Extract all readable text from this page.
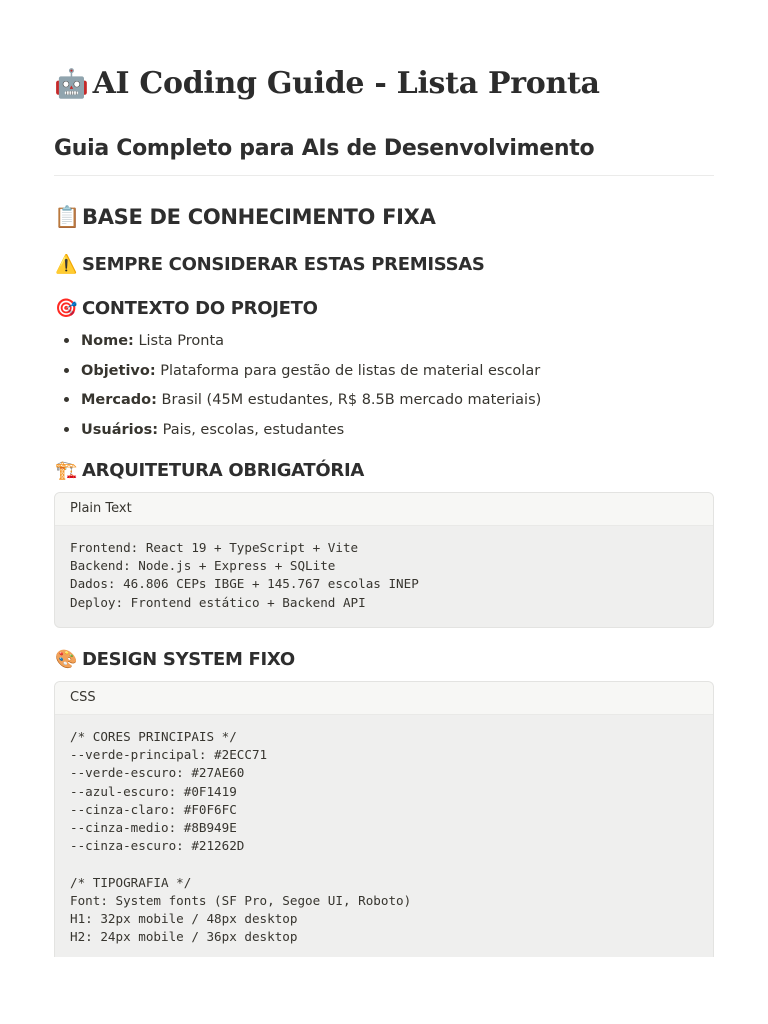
🤖 AI Coding Guide - Lista Pronta
Guia Completo para AIs de Desenvolvimento
📋 BASE DE CONHECIMENTO FIXA
⚠️ SEMPRE CONSIDERAR ESTAS PREMISSAS
🎯 CONTEXTO DO PROJETO
Nome: Lista Pronta
Objetivo: Plataforma para gestão de listas de material escolar
Mercado: Brasil (45M estudantes, R$ 8.5B mercado materiais)
Usuários: Pais, escolas, estudantes
🏗️ ARQUITETURA OBRIGATÓRIA
Plain Text
Frontend: React 19 + TypeScript + Vite
Backend: Node.js + Express + SQLite
Dados: 46.806 CEPs IBGE + 145.767 escolas INEP
Deploy: Frontend estático + Backend API
🎨 DESIGN SYSTEM FIXO
CSS
/* CORES PRINCIPAIS */
--verde-principal: #2ECC71
--verde-escuro: #27AE60
--azul-escuro: #0F1419
--cinza-claro: #F0F6FC
--cinza-medio: #8B949E
--cinza-escuro: #21262D

/* TIPOGRAFIA */
Font: System fonts (SF Pro, Segoe UI, Roboto)
H1: 32px mobile / 48px desktop
H2: 24px mobile / 36px desktop
